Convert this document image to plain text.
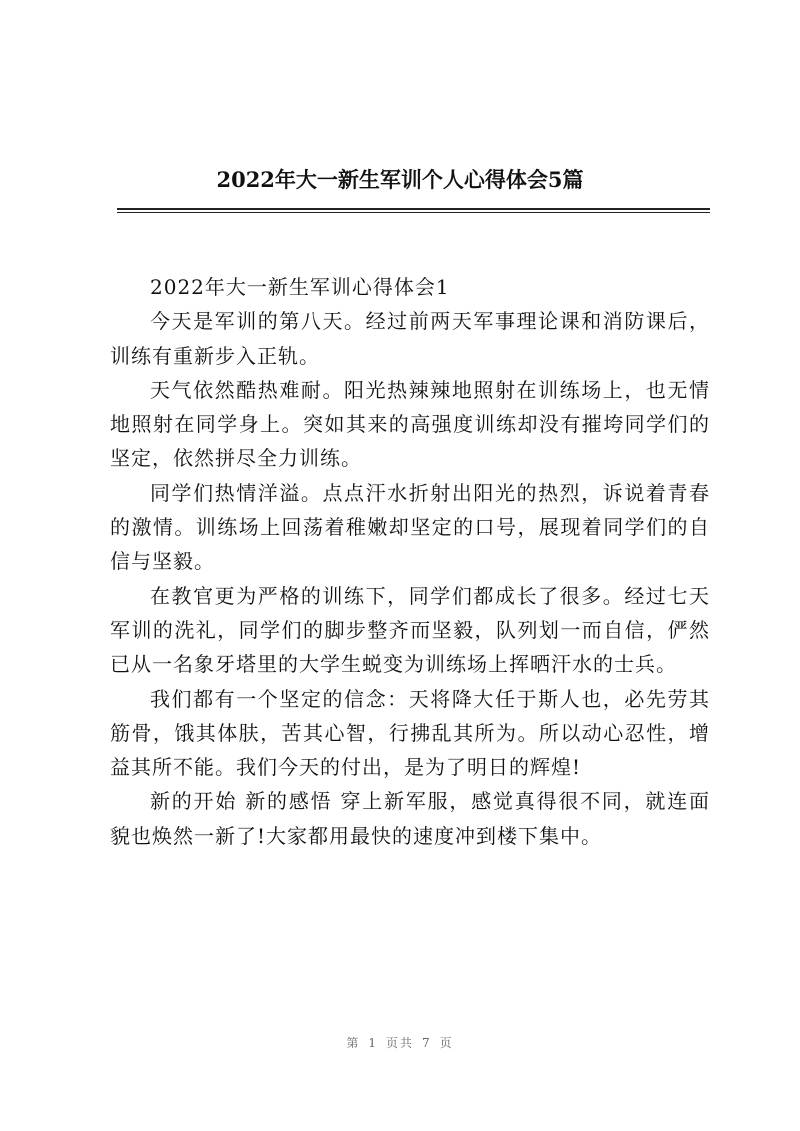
2022年大一新生军训个人心得体会5篇

2022年大一新生军训心得体会1

今天是军训的第八天。经过前两天军事理论课和消防课后，训练有重新步入正轨。

天气依然酷热难耐。阳光热辣辣地照射在训练场上，也无情地照射在同学身上。突如其来的高强度训练却没有摧垮同学们的坚定，依然拼尽全力训练。

同学们热情洋溢。点点汗水折射出阳光的热烈，诉说着青春的激情。训练场上回荡着稚嫩却坚定的口号，展现着同学们的自信与坚毅。

在教官更为严格的训练下，同学们都成长了很多。经过七天军训的洗礼，同学们的脚步整齐而坚毅，队列划一而自信，俨然已从一名象牙塔里的大学生蜕变为训练场上挥晒汗水的士兵。

我们都有一个坚定的信念：天将降大任于斯人也，必先劳其筋骨，饿其体肤，苦其心智，行拂乱其所为。所以动心忍性，增益其所不能。我们今天的付出，是为了明日的辉煌!

新的开始 新的感悟 穿上新军服，感觉真得很不同，就连面貌也焕然一新了!大家都用最快的速度冲到楼下集中。

第 1 页共 7 页
